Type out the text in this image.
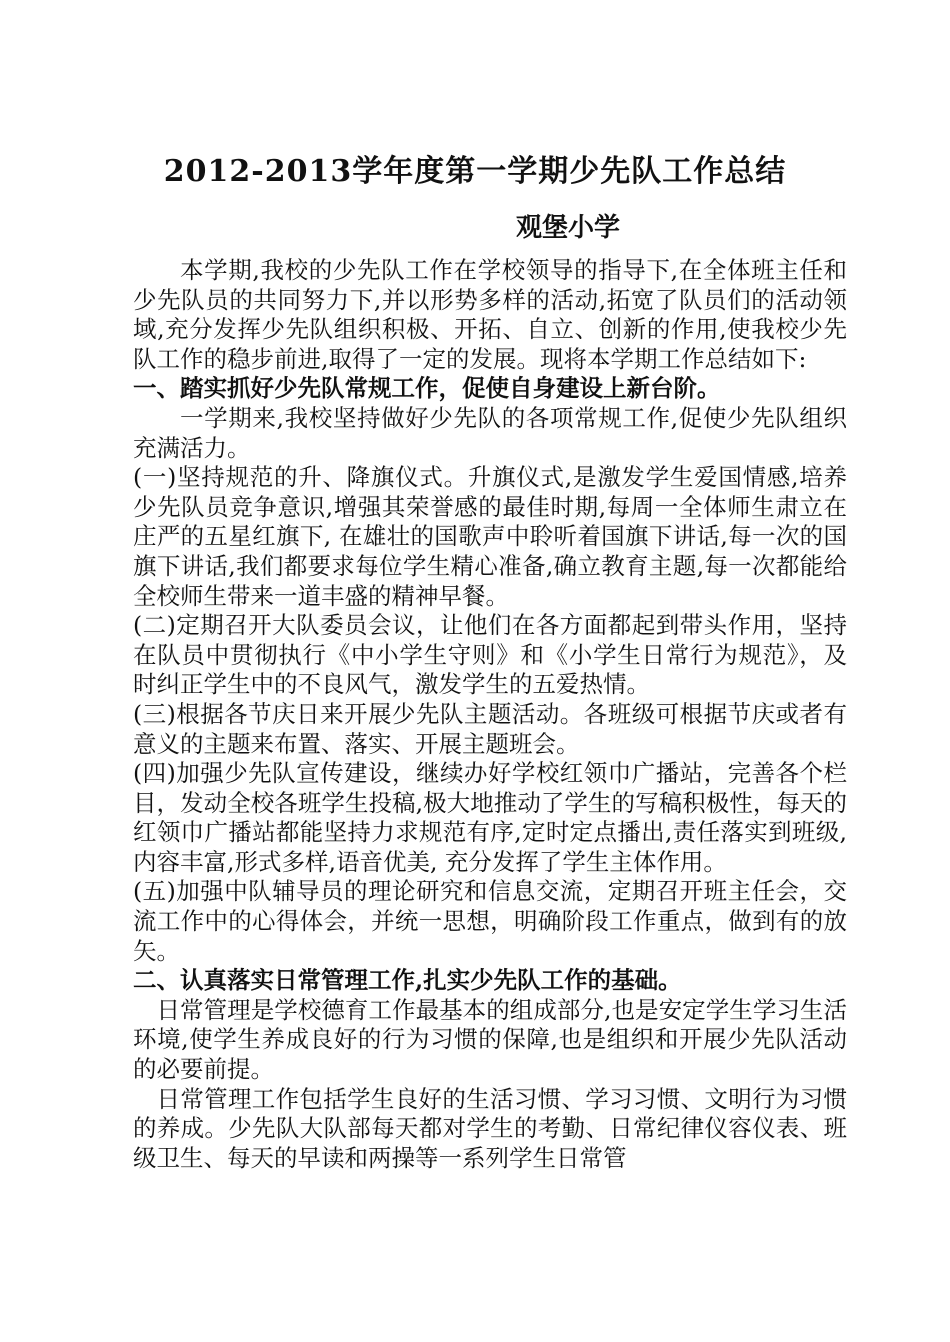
2012-2013学年度第一学期少先队工作总结
观堡小学

本学期,我校的少先队工作在学校领导的指导下,在全体班主任和少先队员的共同努力下,并以形势多样的活动,拓宽了队员们的活动领域,充分发挥少先队组织积极、开拓、自立、创新的作用,使我校少先队工作的稳步前进,取得了一定的发展。现将本学期工作总结如下:

一、踏实抓好少先队常规工作，促使自身建设上新台阶。

一学期来,我校坚持做好少先队的各项常规工作,促使少先队组织充满活力。

(一)坚持规范的升、降旗仪式。升旗仪式,是激发学生爱国情感,培养少先队员竞争意识,增强其荣誉感的最佳时期,每周一全体师生肃立在庄严的五星红旗下, 在雄壮的国歌声中聆听着国旗下讲话,每一次的国旗下讲话,我们都要求每位学生精心准备,确立教育主题,每一次都能给全校师生带来一道丰盛的精神早餐。

(二)定期召开大队委员会议，让他们在各方面都起到带头作用，坚持在队员中贯彻执行《中小学生守则》和《小学生日常行为规范》，及时纠正学生中的不良风气，激发学生的五爱热情。

(三)根据各节庆日来开展少先队主题活动。各班级可根据节庆或者有意义的主题来布置、落实、开展主题班会。

(四)加强少先队宣传建设，继续办好学校红领巾广播站，完善各个栏目，发动全校各班学生投稿,极大地推动了学生的写稿积极性，每天的红领巾广播站都能坚持力求规范有序,定时定点播出,责任落实到班级,内容丰富,形式多样,语音优美, 充分发挥了学生主体作用。

(五)加强中队辅导员的理论研究和信息交流，定期召开班主任会，交流工作中的心得体会，并统一思想，明确阶段工作重点，做到有的放矢。

二、认真落实日常管理工作,扎实少先队工作的基础。

日常管理是学校德育工作最基本的组成部分,也是安定学生学习生活环境,使学生养成良好的行为习惯的保障,也是组织和开展少先队活动的必要前提。

日常管理工作包括学生良好的生活习惯、学习习惯、文明行为习惯的养成。少先队大队部每天都对学生的考勤、日常纪律仪容仪表、班级卫生、每天的早读和两操等一系列学生日常管
